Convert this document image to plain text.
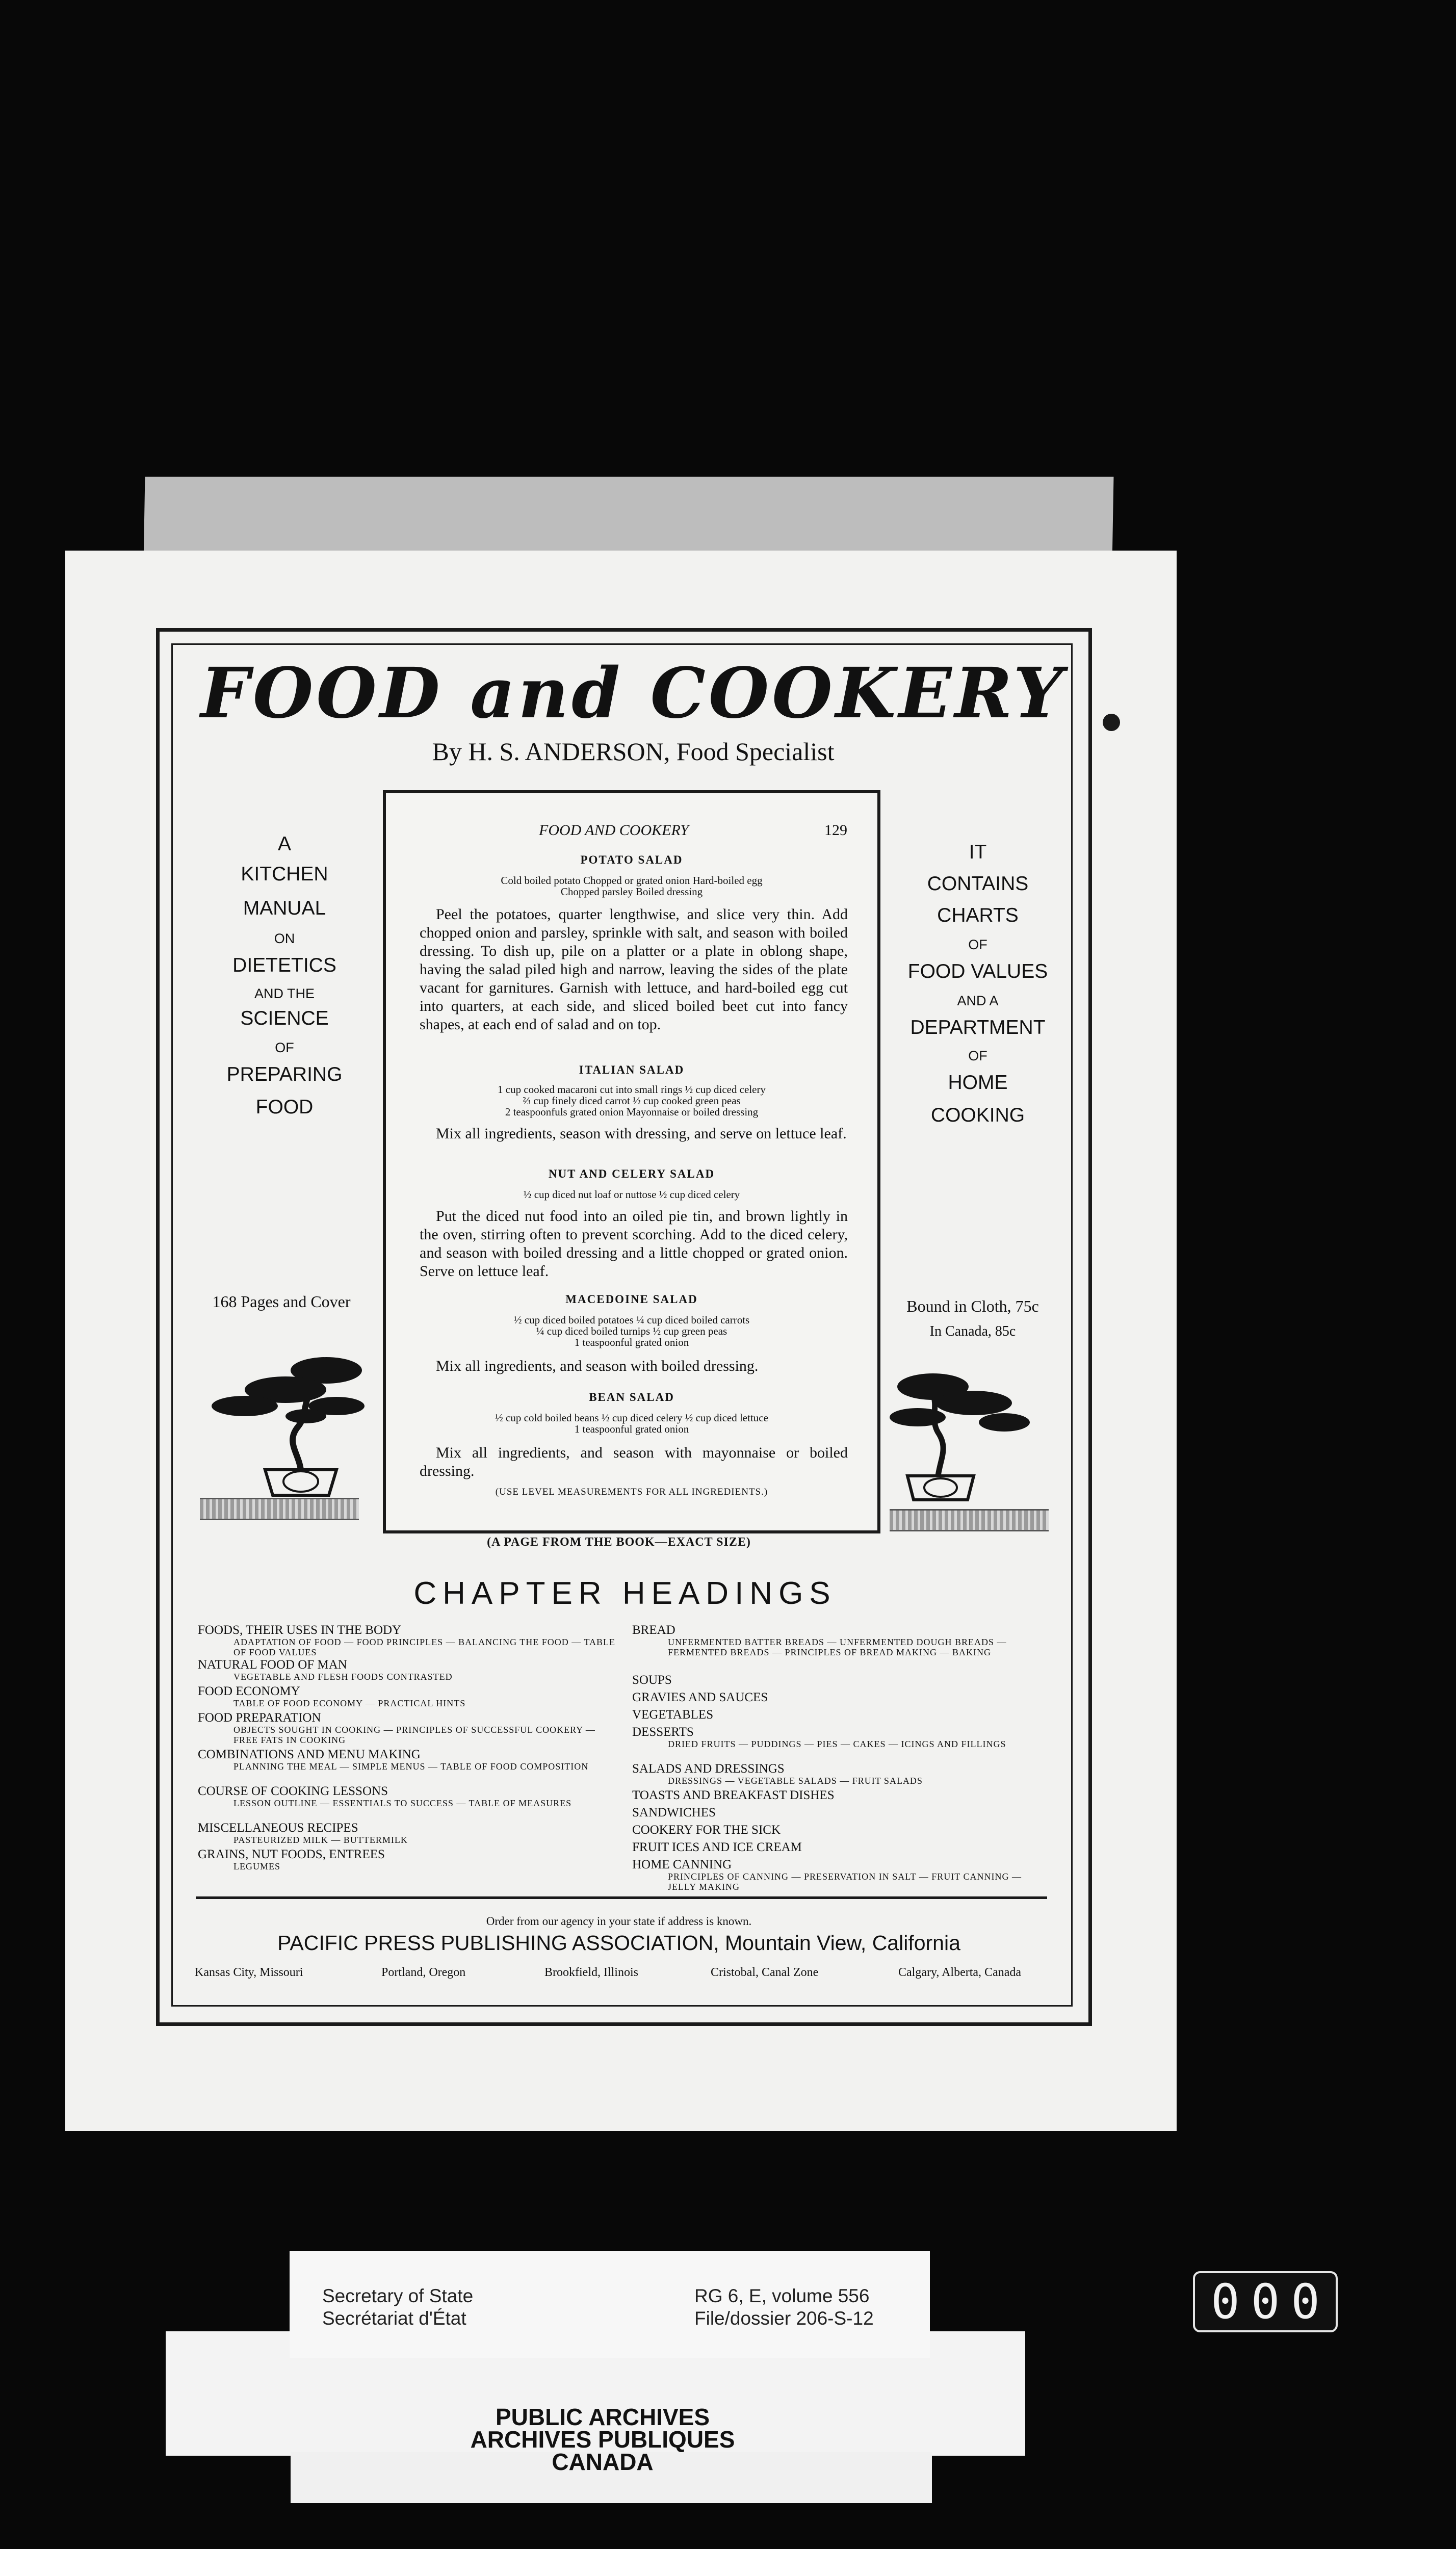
FOOD and COOKERY
By H. S. ANDERSON, Food Specialist
A
KITCHEN
MANUAL
ON
DIETETICS
AND THE
SCIENCE
OF
PREPARING
FOOD
168 Pages and Cover
IT
CONTAINS
CHARTS
OF
FOOD VALUES
AND A
DEPARTMENT
OF
HOME
COOKING
Bound in Cloth, 75c
In Canada, 85c
FOOD AND COOKERY	129
POTATO SALAD
Cold boiled potato Chopped or grated onion Hard-boiled egg
Chopped parsley Boiled dressing
Peel the potatoes, quarter lengthwise, and slice very thin. Add chopped onion and parsley, sprinkle with salt, and season with boiled dressing. To dish up, pile on a platter or a plate in oblong shape, having the salad piled high and narrow, leaving the sides of the plate vacant for garnitures. Garnish with lettuce, and hard-boiled egg cut into quarters, at each side, and sliced boiled beet cut into fancy shapes, at each end of salad and on top.
ITALIAN SALAD
1 cup cooked macaroni cut into small rings ½ cup diced celery
⅔ cup finely diced carrot ½ cup cooked green peas
2 teaspoonfuls grated onion Mayonnaise or boiled dressing
Mix all ingredients, season with dressing, and serve on lettuce leaf.
NUT AND CELERY SALAD
½ cup diced nut loaf or nuttose ½ cup diced celery
Put the diced nut food into an oiled pie tin, and brown lightly in the oven, stirring often to prevent scorching. Add to the diced celery, and season with boiled dressing and a little chopped or grated onion. Serve on lettuce leaf.
MACEDOINE SALAD
½ cup diced boiled potatoes ¼ cup diced boiled carrots
¼ cup diced boiled turnips ½ cup green peas
1 teaspoonful grated onion
Mix all ingredients, and season with boiled dressing.
BEAN SALAD
½ cup cold boiled beans ½ cup diced celery ½ cup diced lettuce
1 teaspoonful grated onion
Mix all ingredients, and season with mayonnaise or boiled dressing.
(USE LEVEL MEASUREMENTS FOR ALL INGREDIENTS.)
(A PAGE FROM THE BOOK—EXACT SIZE)
CHAPTER HEADINGS
FOODS, THEIR USES IN THE BODY
ADAPTATION OF FOOD — FOOD PRINCIPLES — BALANCING THE FOOD — TABLE OF FOOD VALUES
NATURAL FOOD OF MAN
VEGETABLE AND FLESH FOODS CONTRASTED
FOOD ECONOMY
TABLE OF FOOD ECONOMY — PRACTICAL HINTS
FOOD PREPARATION
OBJECTS SOUGHT IN COOKING — PRINCIPLES OF SUCCESSFUL COOKERY — FREE FATS IN COOKING
COMBINATIONS AND MENU MAKING
PLANNING THE MEAL — SIMPLE MENUS — TABLE OF FOOD COMPOSITION
COURSE OF COOKING LESSONS
LESSON OUTLINE — ESSENTIALS TO SUCCESS — TABLE OF MEASURES
MISCELLANEOUS RECIPES
PASTEURIZED MILK — BUTTERMILK
GRAINS, NUT FOODS, ENTREES
LEGUMES
BREAD
UNFERMENTED BATTER BREADS — UNFERMENTED DOUGH BREADS — FERMENTED BREADS — PRINCIPLES OF BREAD MAKING — BAKING
SOUPS
GRAVIES AND SAUCES
VEGETABLES
DESSERTS
DRIED FRUITS — PUDDINGS — PIES — CAKES — ICINGS AND FILLINGS
SALADS AND DRESSINGS
DRESSINGS — VEGETABLE SALADS — FRUIT SALADS
TOASTS AND BREAKFAST DISHES
SANDWICHES
COOKERY FOR THE SICK
FRUIT ICES AND ICE CREAM
HOME CANNING
PRINCIPLES OF CANNING — PRESERVATION IN SALT — FRUIT CANNING — JELLY MAKING
Order from our agency in your state if address is known.
PACIFIC PRESS PUBLISHING ASSOCIATION, Mountain View, California
Kansas City, Missouri	Portland, Oregon	Brookfield, Illinois	Cristobal, Canal Zone	Calgary, Alberta, Canada
Secretary of State
Secrétariat d'État
RG 6, E, volume 556
File/dossier 206-S-12
PUBLIC ARCHIVES
ARCHIVES PUBLIQUES
CANADA
000
